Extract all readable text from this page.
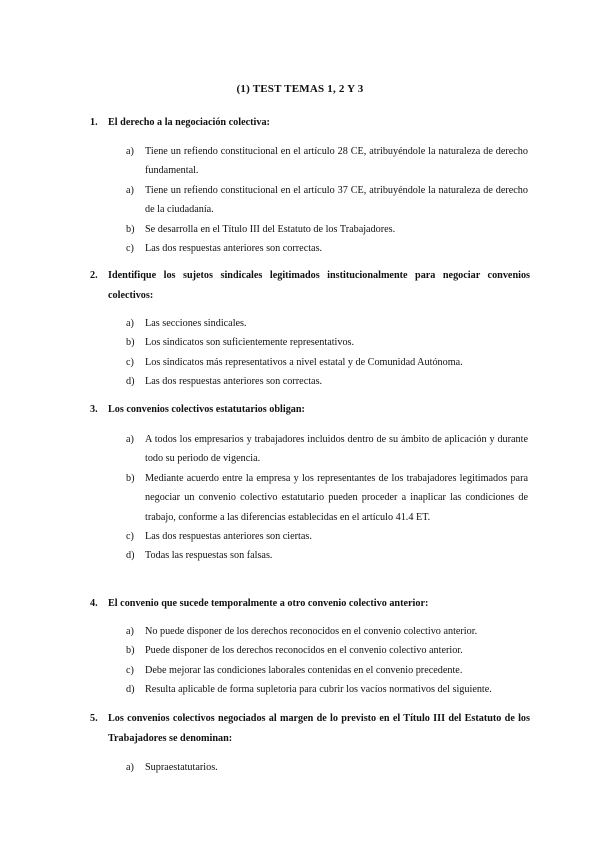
(1) TEST TEMAS 1, 2 Y 3
1.	El derecho a la negociación colectiva:
a) Tiene un refiendo constitucional en el artículo 28 CE, atribuyéndole la naturaleza de derecho fundamental.
a) Tiene un refiendo constitucional en el artículo 37 CE, atribuyéndole la naturaleza de derecho de la ciudadanía.
b) Se desarrolla en el Título III del Estatuto de los Trabajadores.
c) Las dos respuestas anteriores son correctas.
2.	Identifique los sujetos sindicales legitimados institucionalmente para negociar convenios colectivos:
a) Las secciones sindicales.
b) Los sindicatos son suficientemente representativos.
c) Los sindicatos más representativos a nivel estatal y de Comunidad Autónoma.
d) Las dos respuestas anteriores son correctas.
3.	Los convenios colectivos estatutarios obligan:
a) A todos los empresarios y trabajadores incluidos dentro de su ámbito de aplicación y durante todo su periodo de vigencia.
b) Mediante acuerdo entre la empresa y los representantes de los trabajadores legitimados para negociar un convenio colectivo estatutario pueden proceder a inaplicar las condiciones de trabajo, conforme a las diferencias establecidas en el artículo 41.4 ET.
c) Las dos respuestas anteriores son ciertas.
d) Todas las respuestas son falsas.
4.	El convenio que sucede temporalmente a otro convenio colectivo anterior:
a) No puede disponer de los derechos reconocidos en el convenio colectivo anterior.
b) Puede disponer de los derechos reconocidos en el convenio colectivo anterior.
c) Debe mejorar las condiciones laborales contenidas en el convenio precedente.
d) Resulta aplicable de forma supletoria para cubrir los vacíos normativos del siguiente.
5.	Los convenios colectivos negociados al margen de lo previsto en el Título III del Estatuto de los Trabajadores se denominan:
a) Supraestatutarios.
